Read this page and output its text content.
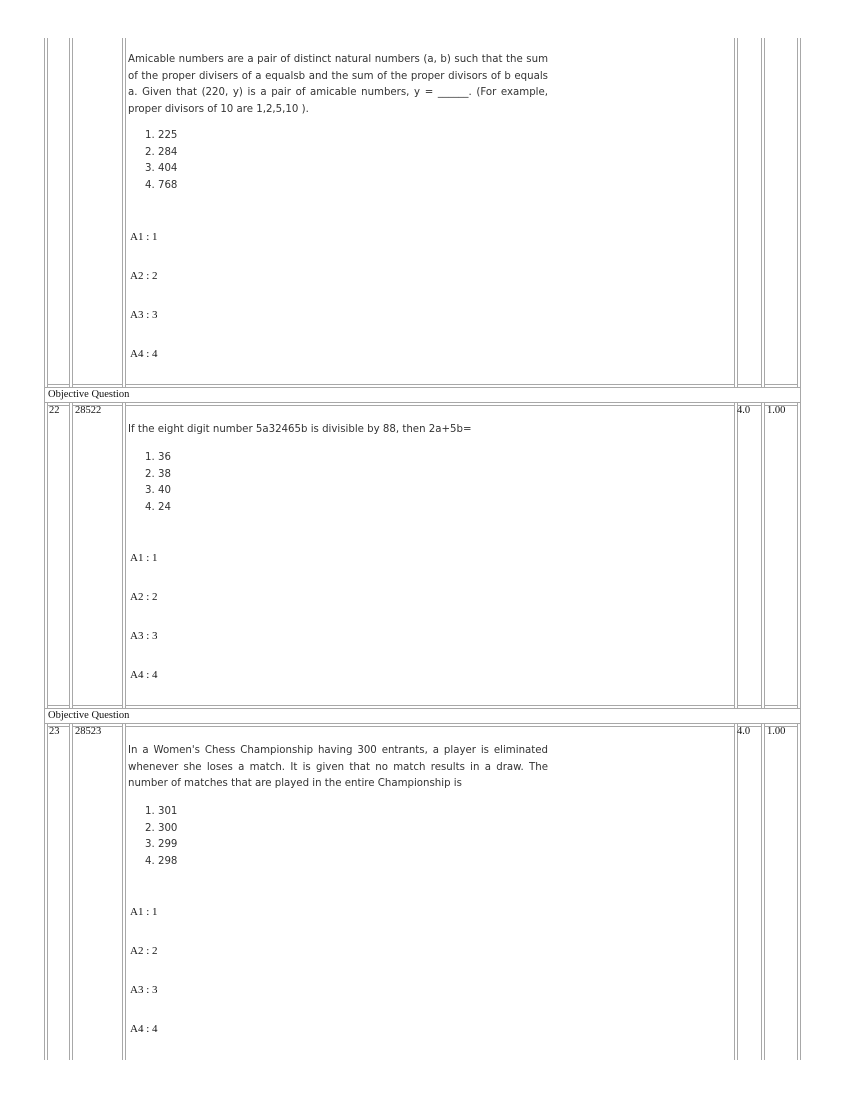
Amicable numbers are a pair of distinct natural numbers (a, b) such that the sum of the proper divisers of a equalsb and the sum of the proper divisors of b equals a. Given that (220, y) is a pair of amicable numbers, y = ______. (For example, proper divisors of 10 are 1,2,5,10 ).
1. 225
2. 284
3. 404
4. 768
A1 : 1
A2 : 2
A3 : 3
A4 : 4
Objective Question
22 28522	4.0 1.00
If the eight digit number 5a32465b is divisible by 88, then 2a+5b=
1. 36
2. 38
3. 40
4. 24
A1 : 1
A2 : 2
A3 : 3
A4 : 4
Objective Question
23 28523	4.0 1.00
In a Women's Chess Championship having 300 entrants, a player is eliminated whenever she loses a match. It is given that no match results in a draw. The number of matches that are played in the entire Championship is
1. 301
2. 300
3. 299
4. 298
A1 : 1
A2 : 2
A3 : 3
A4 : 4
